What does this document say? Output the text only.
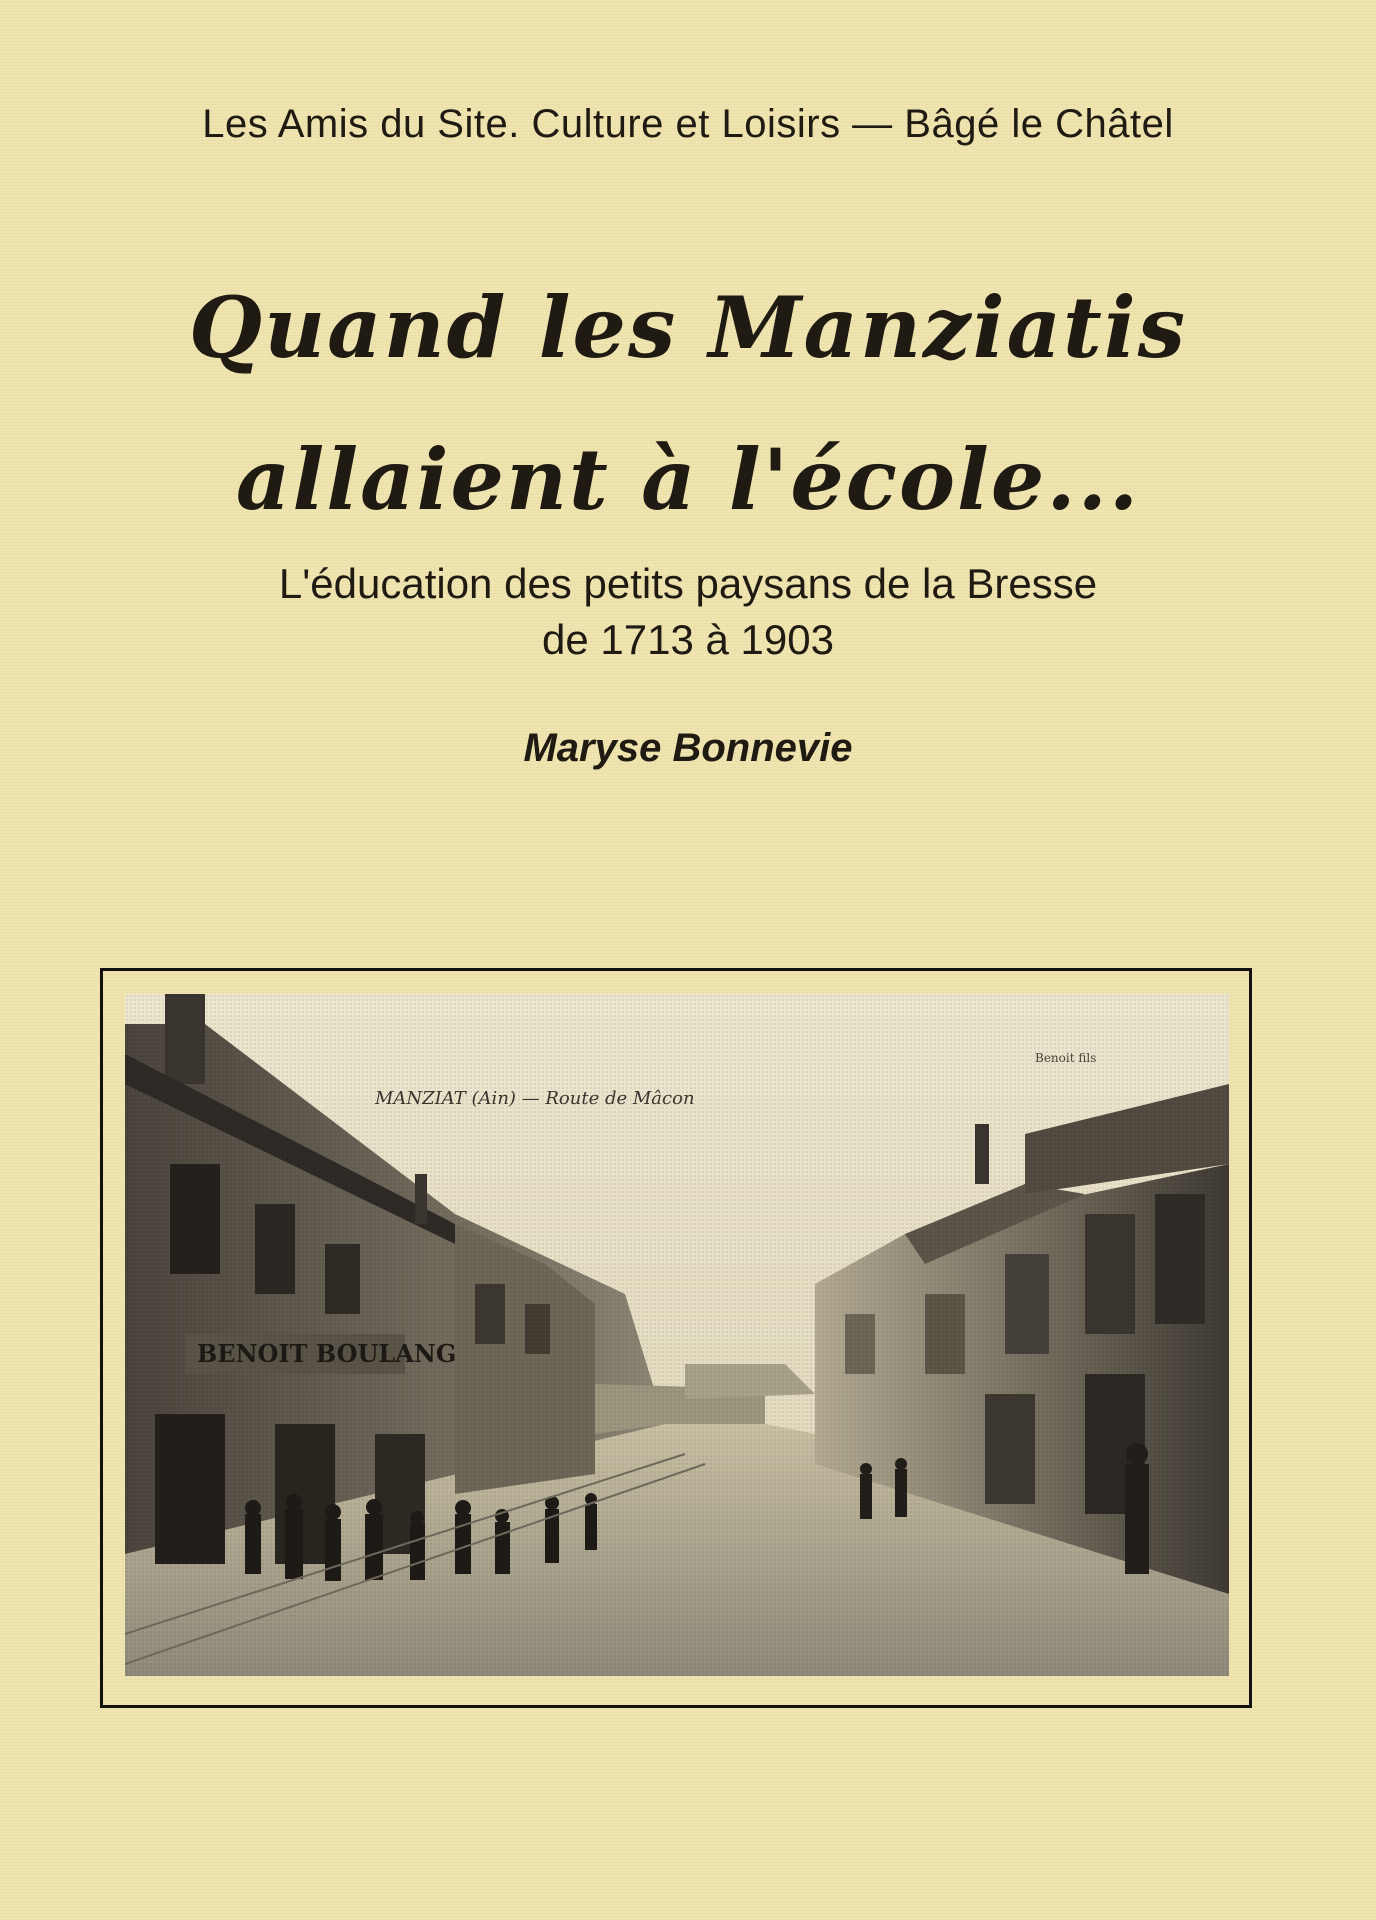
Les Amis du Site. Culture et Loisirs — Bâgé le Châtel
Quand les Manziatis
allaient à l'école...
L'éducation des petits paysans de la Bresse
de 1713 à 1903
Maryse Bonnevie
MANZIAT (Ain) — Route de Mâcon
Benoit fils
